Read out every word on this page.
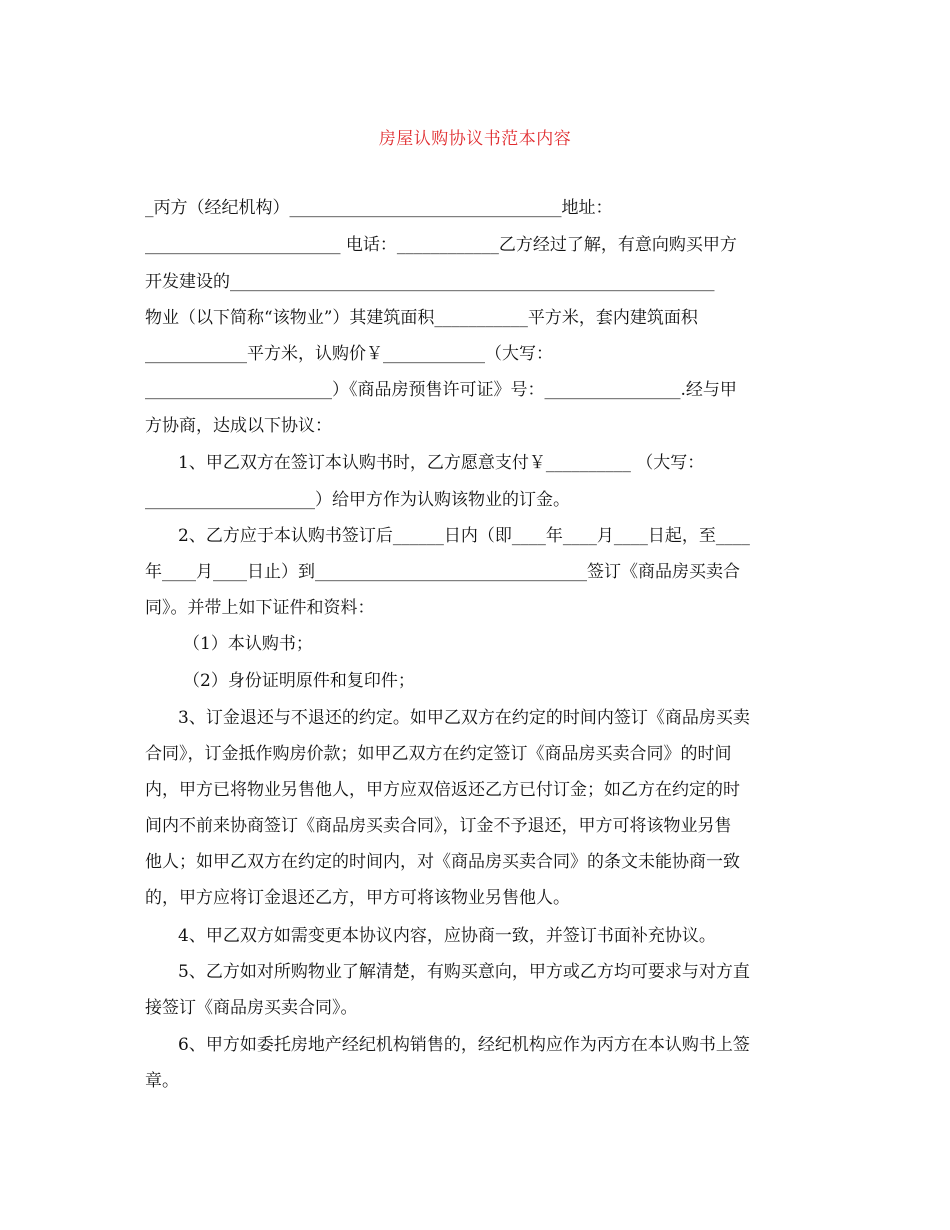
房屋认购协议书范本内容
_丙方（经纪机构）________________________________地址：
_______________________ 电话：____________乙方经过了解，有意向购买甲方
开发建设的_________________________________________________________
物业（以下简称“该物业”）其建筑面积___________平方米，套内建筑面积
____________平方米，认购价￥____________（大写：
______________________）《商品房预售许可证》号：________________.经与甲
方协商，达成以下协议：
1、甲乙双方在签订本认购书时，乙方愿意支付￥__________ （大写：
____________________）给甲方作为认购该物业的订金。
2、乙方应于本认购书签订后______日内（即____年____月____日起，至____
年____月____日止）到________________________________签订《商品房买卖合
同》。并带上如下证件和资料：
（1）本认购书；
（2）身份证明原件和复印件；
3、订金退还与不退还的约定。如甲乙双方在约定的时间内签订《商品房买卖
合同》，订金抵作购房价款；如甲乙双方在约定签订《商品房买卖合同》的时间
内，甲方已将物业另售他人，甲方应双倍返还乙方已付订金；如乙方在约定的时
间内不前来协商签订《商品房买卖合同》，订金不予退还，甲方可将该物业另售
他人；如甲乙双方在约定的时间内，对《商品房买卖合同》的条文未能协商一致
的，甲方应将订金退还乙方，甲方可将该物业另售他人。
4、甲乙双方如需变更本协议内容，应协商一致，并签订书面补充协议。
5、乙方如对所购物业了解清楚，有购买意向，甲方或乙方均可要求与对方直
接签订《商品房买卖合同》。
6、甲方如委托房地产经纪机构销售的，经纪机构应作为丙方在本认购书上签
章。
